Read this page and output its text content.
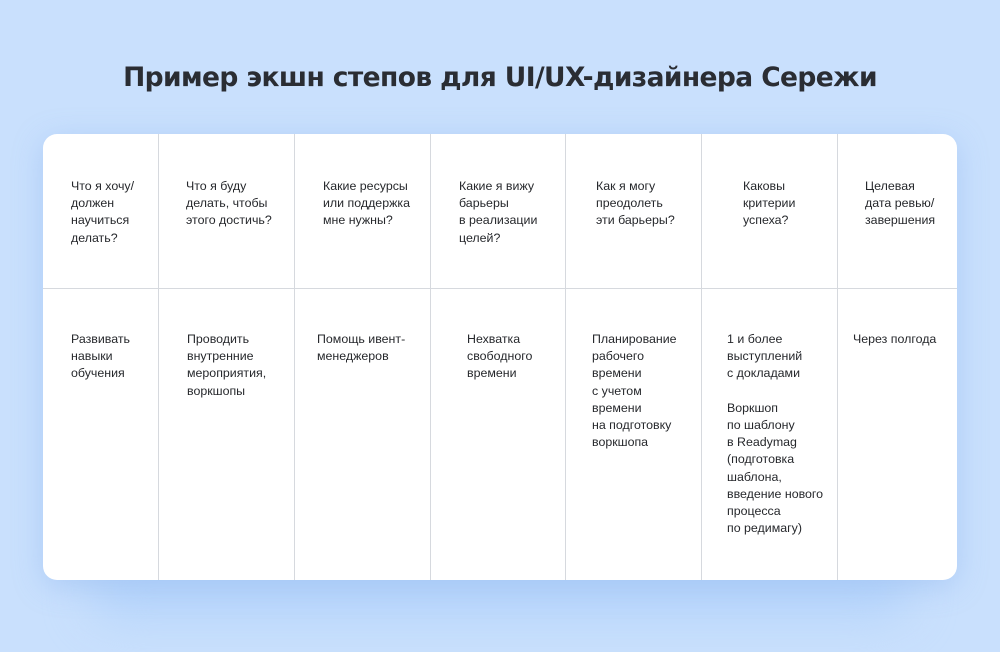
Пример экшн степов для UI/UX-дизайнера Сережи

Что я хочу/
должен
научиться
делать?

Что я буду
делать, чтобы
этого достичь?

Какие ресурсы
или поддержка
мне нужны?

Какие я вижу
барьеры
в реализации
целей?

Как я могу
преодолеть
эти барьеры?

Каковы
критерии
успеха?

Целевая
дата ревью/
завершения

Развивать
навыки
обучения

Проводить
внутренние
мероприятия,
воркшопы

Помощь ивент-
менеджеров

Нехватка
свободного
времени

Планирование
рабочего
времени
с учетом
времени
на подготовку
воркшопа

1 и более
выступлений
с докладами

Воркшоп
по шаблону
в Readymag
(подготовка
шаблона,
введение нового
процесса
по редимагу)

Через полгода
